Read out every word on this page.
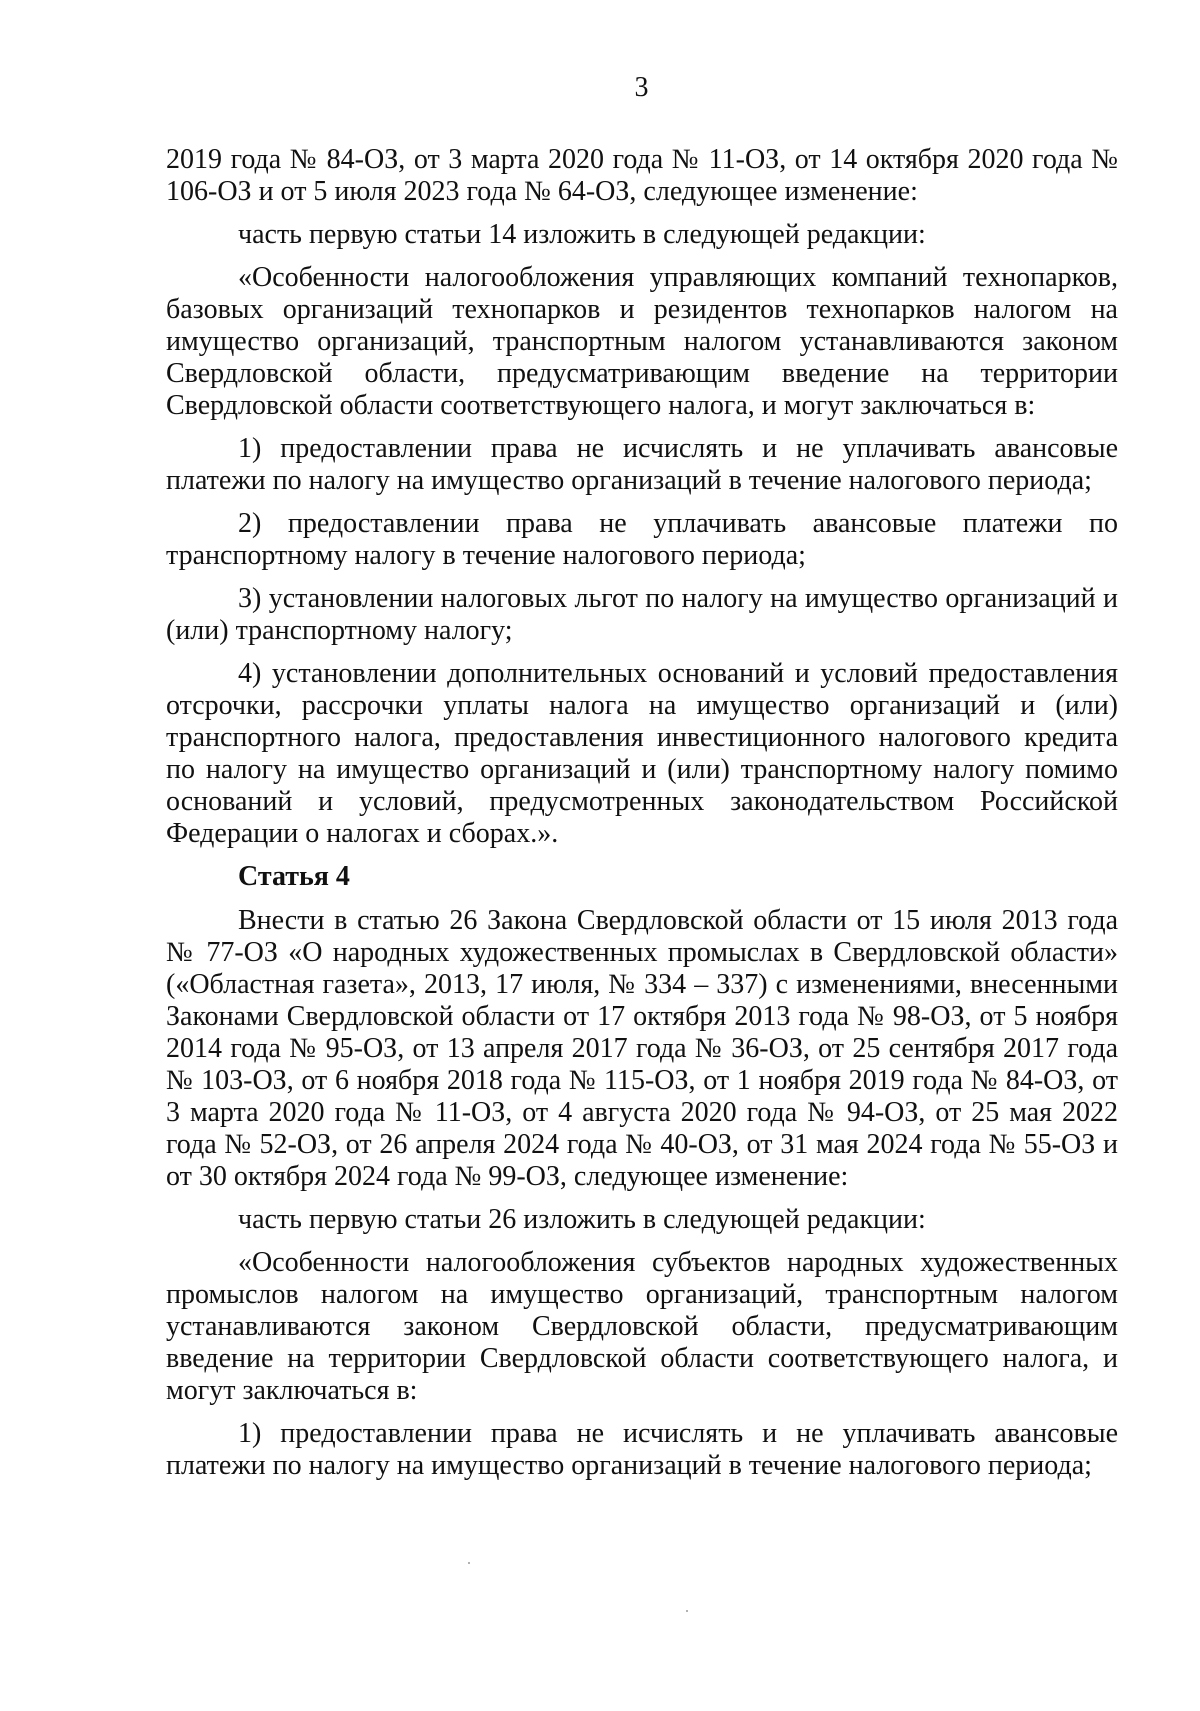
3

2019 года № 84-ОЗ, от 3 марта 2020 года № 11-ОЗ, от 14 октября 2020 года № 106-ОЗ и от 5 июля 2023 года № 64-ОЗ, следующее изменение:

часть первую статьи 14 изложить в следующей редакции:

«Особенности налогообложения управляющих компаний технопарков, базовых организаций технопарков и резидентов технопарков налогом на имущество организаций, транспортным налогом устанавливаются законом Свердловской области, предусматривающим введение на территории Свердловской области соответствующего налога, и могут заключаться в:

1) предоставлении права не исчислять и не уплачивать авансовые платежи по налогу на имущество организаций в течение налогового периода;

2) предоставлении права не уплачивать авансовые платежи по транспортному налогу в течение налогового периода;

3) установлении налоговых льгот по налогу на имущество организаций и (или) транспортному налогу;

4) установлении дополнительных оснований и условий предоставления отсрочки, рассрочки уплаты налога на имущество организаций и (или) транспортного налога, предоставления инвестиционного налогового кредита по налогу на имущество организаций и (или) транспортному налогу помимо оснований и условий, предусмотренных законодательством Российской Федерации о налогах и сборах.».

Статья 4

Внести в статью 26 Закона Свердловской области от 15 июля 2013 года № 77-ОЗ «О народных художественных промыслах в Свердловской области» («Областная газета», 2013, 17 июля, № 334 – 337) с изменениями, внесенными Законами Свердловской области от 17 октября 2013 года № 98-ОЗ, от 5 ноября 2014 года № 95-ОЗ, от 13 апреля 2017 года № 36-ОЗ, от 25 сентября 2017 года № 103-ОЗ, от 6 ноября 2018 года № 115-ОЗ, от 1 ноября 2019 года № 84-ОЗ, от 3 марта 2020 года № 11-ОЗ, от 4 августа 2020 года № 94-ОЗ, от 25 мая 2022 года № 52-ОЗ, от 26 апреля 2024 года № 40-ОЗ, от 31 мая 2024 года № 55-ОЗ и от 30 октября 2024 года № 99-ОЗ, следующее изменение:

часть первую статьи 26 изложить в следующей редакции:

«Особенности налогообложения субъектов народных художественных промыслов налогом на имущество организаций, транспортным налогом устанавливаются законом Свердловской области, предусматривающим введение на территории Свердловской области соответствующего налога, и могут заключаться в:

1) предоставлении права не исчислять и не уплачивать авансовые платежи по налогу на имущество организаций в течение налогового периода;
